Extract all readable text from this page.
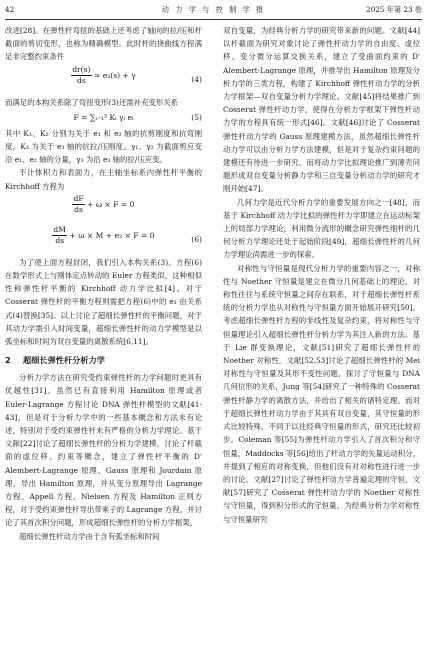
42	动 力 学 与 控 制 学 报	2025 年第 23 卷

改进[28]。在弹性杆弯扭的基础上还考虑了轴向的拉/压和杆截面的剪切变形，也称为精确模型。此时杆的挠曲线方程满足非完整约束条件

$\frac{dr(s)}{ds} = e_3(s) + \gamma$	(4)

而满足的本构关系除了弯扭变形(3)还需补充变形关系

F = ∑ᵢ₌₁³ Kᵢ γᵢ eᵢ	(5)

其中 K₁、K₂ 分别为关于 e₁ 和 e₂ 轴的抗剪刚度和抗弯刚度，K₃ 为关于 e₃ 轴的抗拉/压刚度。γ₁、γ₂ 为截面剪应变沿 e₁、e₂ 轴的分量，γ₃ 为沿 e₃ 轴的拉/压应变。

不计体积力和表面力，在主轴坐标系内弹性杆平衡的 Kirchhoff 方程为

$\frac{dF}{ds} + \omega \times F = 0$
$\frac{dM}{ds} + \omega \times M + e_3 \times F = 0$	(6)

为了使上面方程封闭，我们引入本构关系(3)。方程(6)在数学形式上与刚体定点转动的 Euler 方程类似，这种相似性称弹性杆平衡的 Kirchhoff 动力学比拟[4]。对于 Cosserat 弹性杆的平衡方程则需把方程(6)中的 e₃ 由关系式(4)替换[35]。以上讨论了超细长弹性杆的平衡问题，对于其动力学需引入时间变量，超细长弹性杆的动力学模型是以弧坐标和时间为双自变量的离散系统[6,11]。

2 超细长弹性杆分析力学

分析力学方法在研究受约束弹性杆的力学问题时更具有优越性[31]。虽然已有直接利用 Hamilton 原理或者 Euler-Lagrange 方程讨论 DNA 弹性杆模型的文献[41-43]，但是对于分析力学中的一些基本概念和方法未有论述，特别对于受约束弹性杆未有严格的分析力学理论。基于文献[22]讨论了超细长弹性杆的分析力学建模，讨论了杆截面的虚位移、约束等概念，建立了弹性杆平衡的 D' Alembert-Lagrange 原理、Gauss 原理和 Jourdain 原理，导出 Hamilton 原理，并从变分原理导出 Lagrange 方程、Appell 方程、Nielsen 方程及 Hamilton 正则方程，对于受约束弹性杆导出带乘子的 Lagrange 方程，并讨论了其首次积分问题，形成超细长弹性杆的分析力学框架。

超细长弹性杆动力学由于含有弧坐标和时间

双自变量，为经典分析力学的研究带来新的问题。文献[44]以杆截面为研究对象讨论了弹性杆动力学的自由度、虚位移、变分微分运算交换关系，建立了受曲面约束的 D' Alembert-Lagrange 原理，并推导出 Hamilton 原理及分析力学的三类方程，构建了 Kirchhoff 弹性杆动力学的分析力学框架—双自变量分析力学理论。文献[45]将结果推广到 Cosserat 弹性杆动力学，使得在分析力学框架下弹性杆动力学的方程具有统一形式[46]。文献[46]讨论了 Cosserat 弹性杆动力学的 Gauss 原理建模方法，虽然超细长弹性杆动力学可以由分析力学方法建模，但是对于复杂约束问题的建模还有待进一步研究。而将动力学比拟理论推广到薄壳问题形成双自变量分析静力学和三自变量分析动力学的研究才刚开始[47]。

几何力学是近代分析力学的重要发展方向之一[48]，而基于 Kirchhoff 动力学比拟的弹性杆力学即建立在运动标架上的局部力学理论，利用微分流形的概念研究弹性细杆的几何分析力学理论还处于起始阶段[49]，超细长弹性杆的几何力学理论尚需进一步的探索。

对称性与守恒量是现代分析力学的重要内容之一，对称性与 Noether 守恒量是建立在微分几何基础上的理论，对称性往往与系统守恒量之间存在联系，对于超细长弹性杆系统的分析力学也从对称性与守恒量方面开始展开研究[50]。考虑超细长弹性杆方程的非线性及复杂约束，将对称性与守恒量理论引入超细长弹性杆分析力学为其注入新的方法。基于 Lie 群变换理论，文献[51]研究了超细长弹性杆的 Noether 对称性。文献[52,53]讨论了超细长弹性杆的 Mei 对称性与守恒量及其形不变性问题，探讨了守恒量与 DNA 几何位形的关系，Jung 等[54]研究了一种特殊的 Cosserat 弹性杆静力学的离散方法，并给出了相关的诸特定理。而对于超细长弹性杆动力学由于其具有双自变量，其守恒量的形式比较特殊，不同于以往经典守恒量的形式，研究还比较初步。Coleman 等[55]为弹性杆动力学引入了首次积分和守恒量，Maddocks 等[56]给出了杆动力学的矢量运动积分，并提到了相应的对称变换，但他们没有对对称性进行进一步的讨论。文献[27]讨论了弹性杆动力学普遍定理的守恒，文献[57]研究了 Cosserat 弹性杆动力学的 Noether 对称性与守恒量，得到积分形式的守恒量，为经典分析力学对称性与守恒量研究
